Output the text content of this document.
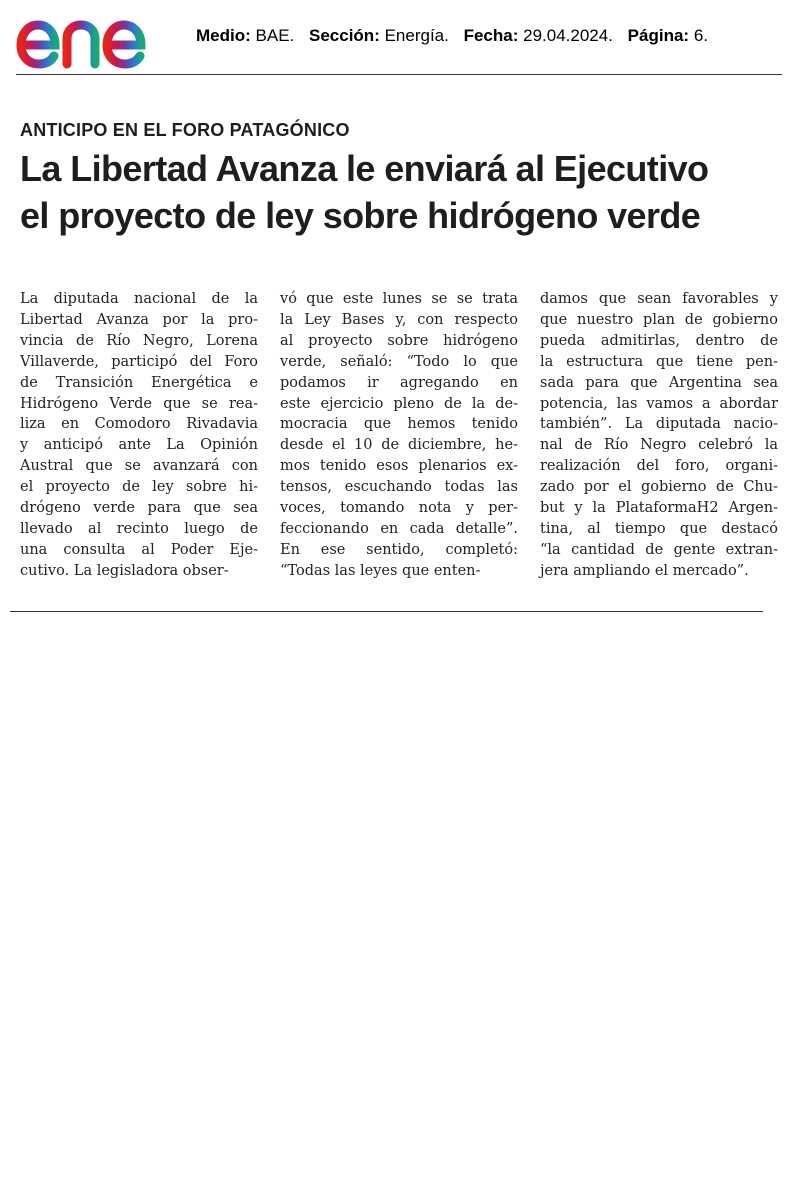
Medio: BAE. Sección: Energía. Fecha: 29.04.2024. Página: 6.
ANTICIPO EN EL FORO PATAGÓNICO
La Libertad Avanza le enviará al Ejecutivo
el proyecto de ley sobre hidrógeno verde
La diputada nacional de la
Libertad Avanza por la pro-
vincia de Río Negro, Lorena
Villaverde, participó del Foro
de Transición Energética e
Hidrógeno Verde que se rea-
liza en Comodoro Rivadavia
y anticipó ante La Opinión
Austral que se avanzará con
el proyecto de ley sobre hi-
drógeno verde para que sea
llevado al recinto luego de
una consulta al Poder Eje-
cutivo. La legisladora obser-
vó que este lunes se se trata
la Ley Bases y, con respecto
al proyecto sobre hidrógeno
verde, señaló: “Todo lo que
podamos ir agregando en
este ejercicio pleno de la de-
mocracia que hemos tenido
desde el 10 de diciembre, he-
mos tenido esos plenarios ex-
tensos, escuchando todas las
voces, tomando nota y per-
feccionando en cada detalle”.
En ese sentido, completó:
“Todas las leyes que enten-
damos que sean favorables y
que nuestro plan de gobierno
pueda admitirlas, dentro de
la estructura que tiene pen-
sada para que Argentina sea
potencia, las vamos a abordar
también”. La diputada nacio-
nal de Río Negro celebró la
realización del foro, organi-
zado por el gobierno de Chu-
but y la PlataformaH2 Argen-
tina, al tiempo que destacó
“la cantidad de gente extran-
jera ampliando el mercado”.
